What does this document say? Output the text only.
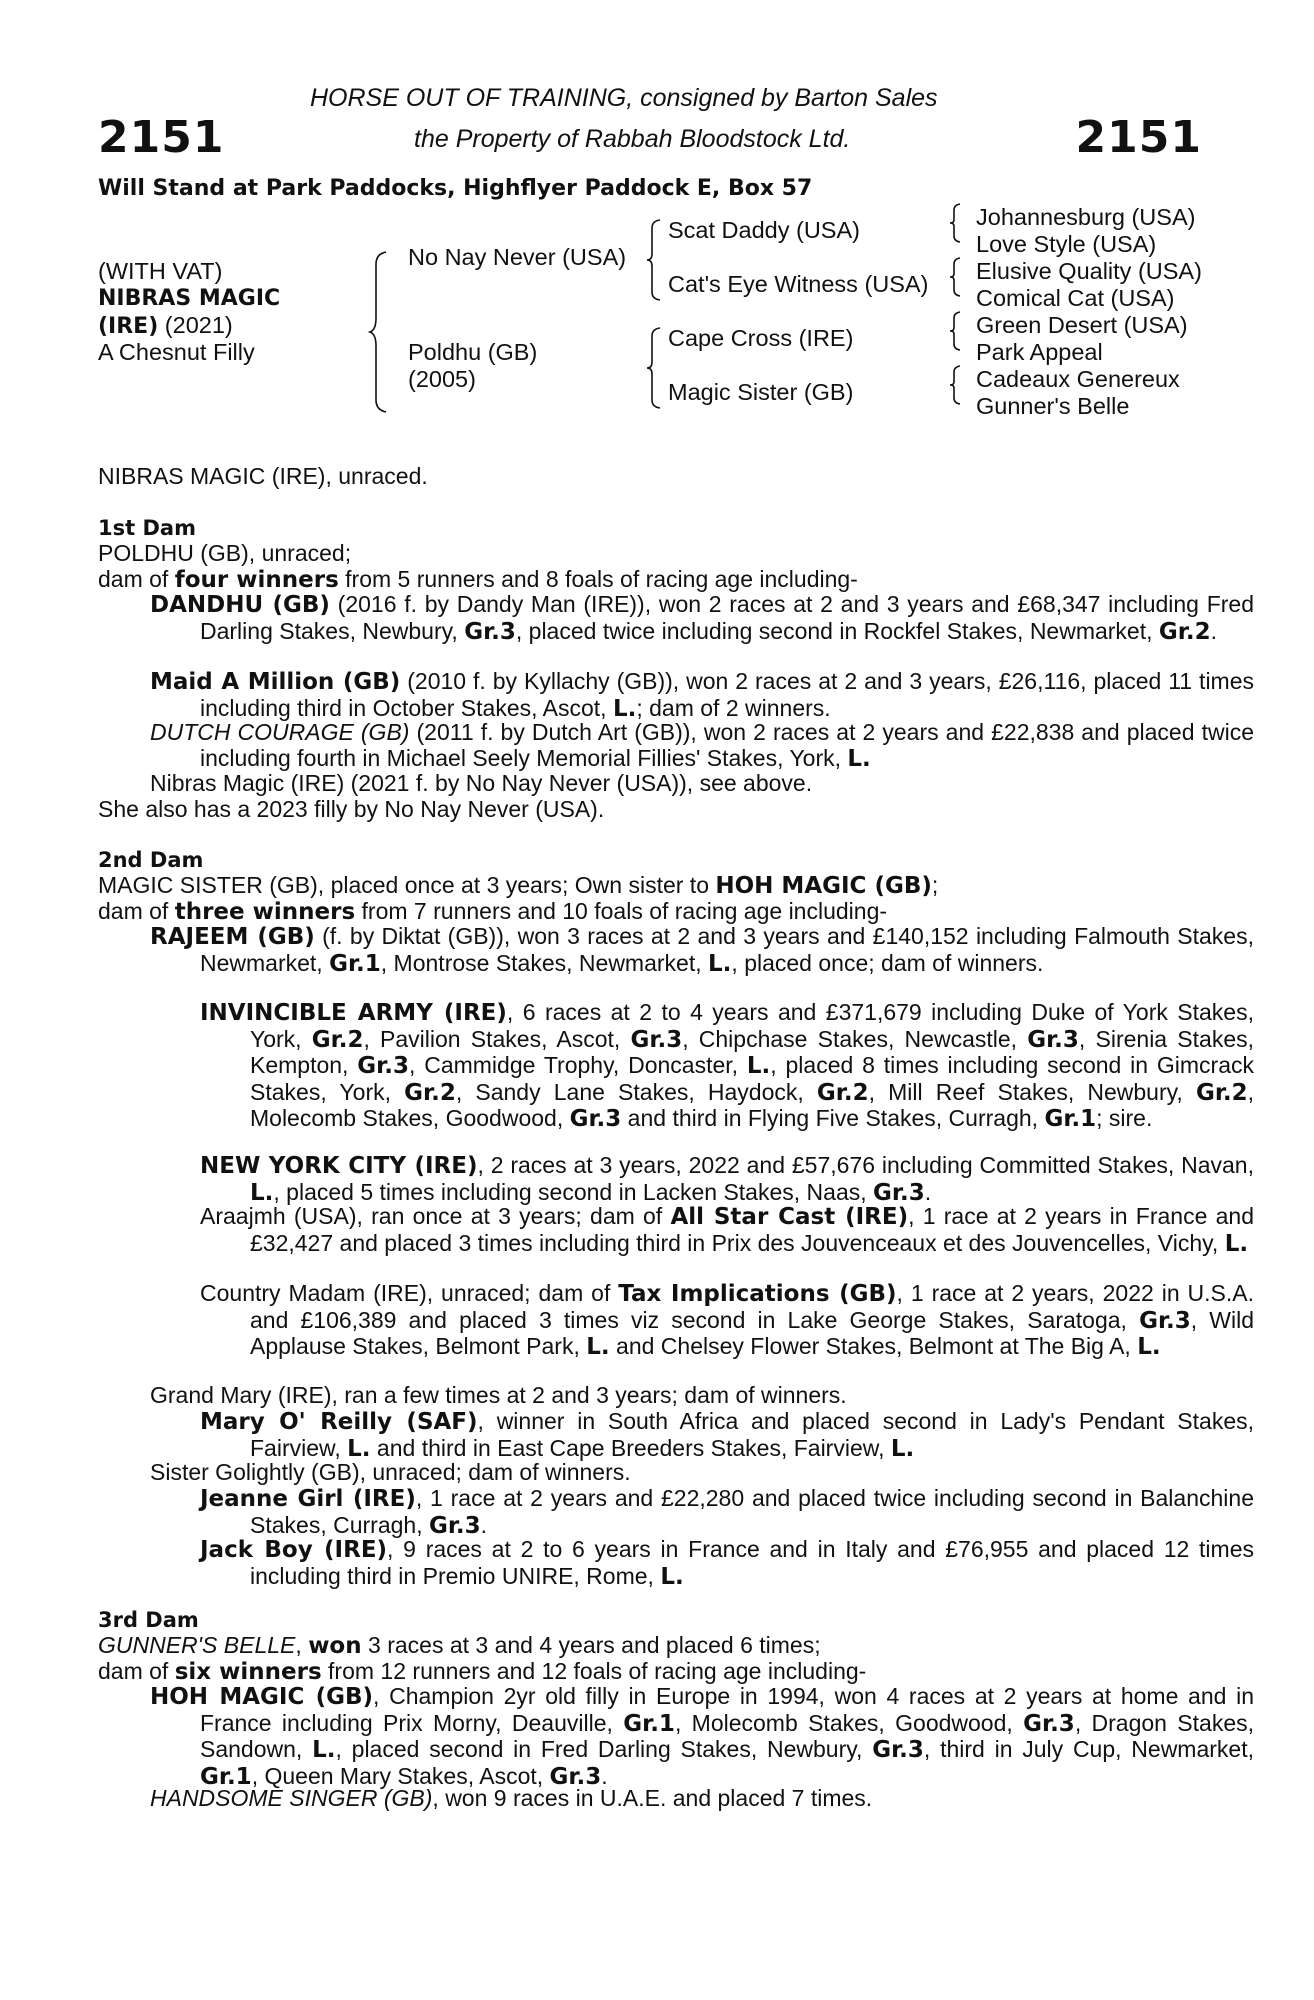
2151	2151
HORSE OUT OF TRAINING, consigned by Barton Sales
the Property of Rabbah Bloodstock Ltd.
Will Stand at Park Paddocks, Highflyer Paddock E, Box 57
(WITH VAT)
NIBRAS MAGIC
(IRE) (2021)
A Chesnut Filly
No Nay Never (USA)
Poldhu (GB)
(2005)
Scat Daddy (USA)
Cat's Eye Witness (USA)
Cape Cross (IRE)
Magic Sister (GB)
Johannesburg (USA)
Love Style (USA)
Elusive Quality (USA)
Comical Cat (USA)
Green Desert (USA)
Park Appeal
Cadeaux Genereux
Gunner's Belle
NIBRAS MAGIC (IRE), unraced.
1st Dam
POLDHU (GB), unraced;
dam of four winners from 5 runners and 8 foals of racing age including-
DANDHU (GB) (2016 f. by Dandy Man (IRE)), won 2 races at 2 and 3 years and £68,347 including Fred Darling Stakes, Newbury, Gr.3, placed twice including second in Rockfel Stakes, Newmarket, Gr.2.
Maid A Million (GB) (2010 f. by Kyllachy (GB)), won 2 races at 2 and 3 years, £26,116, placed 11 times including third in October Stakes, Ascot, L.; dam of 2 winners.
DUTCH COURAGE (GB) (2011 f. by Dutch Art (GB)), won 2 races at 2 years and £22,838 and placed twice including fourth in Michael Seely Memorial Fillies' Stakes, York, L.
Nibras Magic (IRE) (2021 f. by No Nay Never (USA)), see above.
She also has a 2023 filly by No Nay Never (USA).
2nd Dam
MAGIC SISTER (GB), placed once at 3 years; Own sister to HOH MAGIC (GB);
dam of three winners from 7 runners and 10 foals of racing age including-
RAJEEM (GB) (f. by Diktat (GB)), won 3 races at 2 and 3 years and £140,152 including Falmouth Stakes, Newmarket, Gr.1, Montrose Stakes, Newmarket, L., placed once; dam of winners.
INVINCIBLE ARMY (IRE), 6 races at 2 to 4 years and £371,679 including Duke of York Stakes, York, Gr.2, Pavilion Stakes, Ascot, Gr.3, Chipchase Stakes, Newcastle, Gr.3, Sirenia Stakes, Kempton, Gr.3, Cammidge Trophy, Doncaster, L., placed 8 times including second in Gimcrack Stakes, York, Gr.2, Sandy Lane Stakes, Haydock, Gr.2, Mill Reef Stakes, Newbury, Gr.2, Molecomb Stakes, Goodwood, Gr.3 and third in Flying Five Stakes, Curragh, Gr.1; sire.
NEW YORK CITY (IRE), 2 races at 3 years, 2022 and £57,676 including Committed Stakes, Navan, L., placed 5 times including second in Lacken Stakes, Naas, Gr.3.
Araajmh (USA), ran once at 3 years; dam of All Star Cast (IRE), 1 race at 2 years in France and £32,427 and placed 3 times including third in Prix des Jouvenceaux et des Jouvencelles, Vichy, L.
Country Madam (IRE), unraced; dam of Tax Implications (GB), 1 race at 2 years, 2022 in U.S.A. and £106,389 and placed 3 times viz second in Lake George Stakes, Saratoga, Gr.3, Wild Applause Stakes, Belmont Park, L. and Chelsey Flower Stakes, Belmont at The Big A, L.
Grand Mary (IRE), ran a few times at 2 and 3 years; dam of winners.
Mary O' Reilly (SAF), winner in South Africa and placed second in Lady's Pendant Stakes, Fairview, L. and third in East Cape Breeders Stakes, Fairview, L.
Sister Golightly (GB), unraced; dam of winners.
Jeanne Girl (IRE), 1 race at 2 years and £22,280 and placed twice including second in Balanchine Stakes, Curragh, Gr.3.
Jack Boy (IRE), 9 races at 2 to 6 years in France and in Italy and £76,955 and placed 12 times including third in Premio UNIRE, Rome, L.
3rd Dam
GUNNER'S BELLE, won 3 races at 3 and 4 years and placed 6 times;
dam of six winners from 12 runners and 12 foals of racing age including-
HOH MAGIC (GB), Champion 2yr old filly in Europe in 1994, won 4 races at 2 years at home and in France including Prix Morny, Deauville, Gr.1, Molecomb Stakes, Goodwood, Gr.3, Dragon Stakes, Sandown, L., placed second in Fred Darling Stakes, Newbury, Gr.3, third in July Cup, Newmarket, Gr.1, Queen Mary Stakes, Ascot, Gr.3.
HANDSOME SINGER (GB), won 9 races in U.A.E. and placed 7 times.
